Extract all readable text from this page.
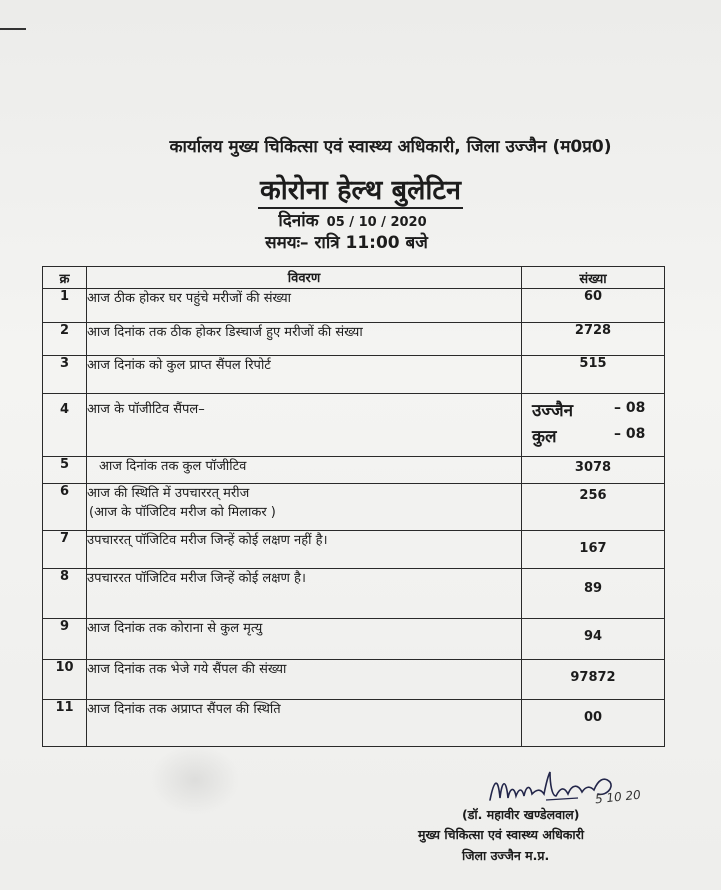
कार्यालय मुख्य चिकित्सा एवं स्वास्थ्य अधिकारी, जिला उज्जैन (म0प्र0)
कोरोना हेल्थ बुलेटिन
दिनांक 05 / 10 / 2020
समयः– रात्रि 11:00 बजे
क्र	विवरण	संख्या
1	आज ठीक होकर घर पहुंचे मरीजों की संख्या	60
2	आज दिनांक तक ठीक होकर डिस्चार्ज हुए मरीजों की संख्या	2728
3	आज दिनांक को कुल प्राप्त सैंपल रिपोर्ट	515
4	आज के पॉजीटिव सैंपल–	उज्जैन – 08
कुल – 08

5	आज दिनांक तक कुल पॉजीटिव	3078
6	आज की स्थिति में उपचाररत् मरीज
(आज के पॉजिटिव मरीज को मिलाकर )	256
7	उपचाररत् पॉजिटिव मरीज जिन्हें कोई लक्षण नहीं है।	167
8	उपचाररत पॉजिटिव मरीज जिन्हें कोई लक्षण है।	89
9	आज दिनांक तक कोराना से कुल मृत्यु	94
10	आज दिनांक तक भेजे गये सैंपल की संख्या	97872
11	आज दिनांक तक अप्राप्त सैंपल की स्थिति	00
5 10 20
(डॉ. महावीर खण्डेलवाल)
मुख्य चिकित्सा एवं स्वास्थ्य अधिकारी
जिला उज्जैन म.प्र.
